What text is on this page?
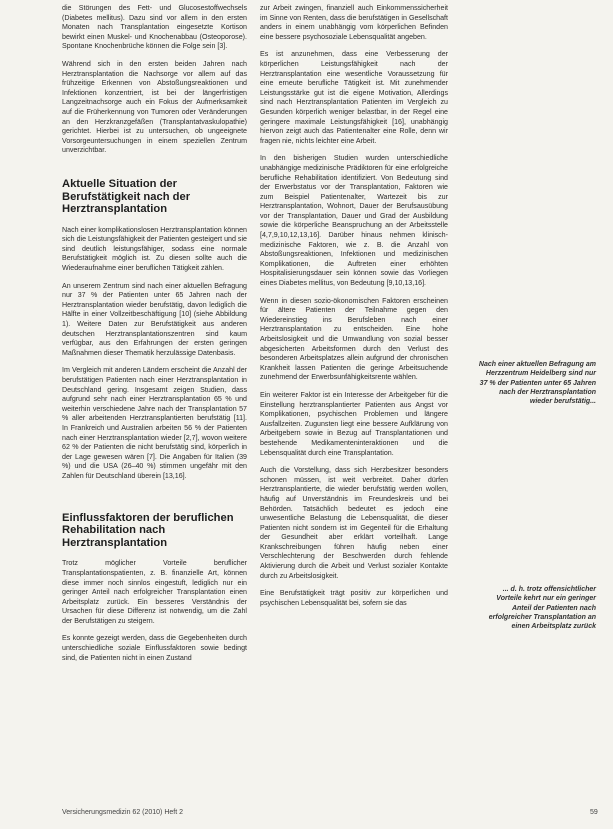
die Störungen des Fett- und Glucosestoffwechsels (Diabetes mellitus). Dazu sind vor allem in den ersten Monaten nach Transplantation eingesetzte Kortison bewirkt einen Muskel- und Knochenabbau (Osteoporose). Spontane Knochenbrüche können die Folge sein [3].

Während sich in den ersten beiden Jahren nach Herztransplantation die Nachsorge vor allem auf das frühzeitige Erkennen von Abstoßungsreaktionen und Infektionen konzentriert, ist bei der längerfristigen Langzeitnachsorge auch ein Fokus der Aufmerksamkeit auf die Früherkennung von Tumoren oder Veränderungen an den Herzkranzgefäßen (Transplantatvaskulopathie) gerichtet. Hierbei ist zu untersuchen, ob ungeeignete Vorsorgeuntersuchungen in einem speziellen Zentrum unverzichtbar.

Aktuelle Situation der Berufstätigkeit nach der Herztransplantation

Nach einer komplikationslosen Herztransplantation können sich die Leistungsfähigkeit der Patienten gesteigert und sie sind deutlich leistungsfähiger, sodass eine normale Berufstätigkeit möglich ist. Zu diesen sollte auch die Wiederaufnahme einer beruflichen Tätigkeit zählen.

An unserem Zentrum sind nach einer aktuellen Befragung nur 37 % der Patienten unter 65 Jahren nach der Herztransplantation wieder berufstätig, davon lediglich die Hälfte in einer Vollzeitbeschäftigung [10] (siehe Abbildung 1). Weitere Daten zur Berufstätigkeit aus anderen deutschen Herztransplantationszentren sind kaum verfügbar, aus den Erfahrungen der ersten geringen Maßnahmen dieser Thematik herzulässige Datenbasis.

Im Vergleich mit anderen Ländern erscheint die Anzahl der berufstätigen Patienten nach einer Herztransplantation in Deutschland gering. Insgesamt zeigen Studien, dass aufgrund sehr nach einer Herztransplantation 65 % und weiterhin verschiedene Jahre nach der Transplantation 57 % aller arbeitenden Herztransplantierten berufstätig [11]. In Frankreich und Australien arbeiten 56 % der Patienten nach einer Herztransplantation wieder [2,7], wovon weitere 62 % der Patienten die nicht berufstätig sind, körperlich in der Lage gewesen wären [7]. Die Angaben für Italien (39 %) und die USA (26–40 %) stimmen ungefähr mit den Zahlen für Deutschland überein [13,16].

Einflussfaktoren der beruflichen Rehabilitation nach Herztransplantation

Trotz möglicher Vorteile beruflicher Transplantationspatienten, z. B. finanzielle Art, können diese immer noch sinnlos eingestuft, lediglich nur ein geringer Anteil nach erfolgreicher Transplantation einen Arbeitsplatz zurück. Ein besseres Verständnis der Ursachen für diese Differenz ist notwendig, um die Zahl der Berufstätigen zu steigern.

Es konnte gezeigt werden, dass die Gegebenheiten durch unterschiedliche soziale Einflussfaktoren sowie bedingt sind, die Patienten nicht in einen Zustand

zur Arbeit zwingen, finanziell auch Einkommenssicherheit im Sinne von Renten, dass die berufstätigen in Gesellschaft anders in einem unabhängig vom körperlichen Befinden eine bessere psychosoziale Lebensqualität angeben.

Es ist anzunehmen, dass eine Verbesserung der körperlichen Leistungsfähigkeit nach der Herztransplantation eine wesentliche Voraussetzung für eine erneute berufliche Tätigkeit ist. Mit zunehmender Leistungsstärke gut ist die eigene Motivation, Allerdings sind nach Herztransplantation Patienten im Vergleich zu Gesunden körperlich weniger belastbar, in der Regel eine geringere maximale Leistungsfähigkeit [16], unabhängig hiervon zeigt auch das Patientenalter eine Rolle, denn wir fragen nie, nichts leichter eine Arbeit.

In den bisherigen Studien wurden unterschiedliche unabhängige medizinische Prädiktoren für eine erfolgreiche berufliche Rehabilitation identifiziert. Von Bedeutung sind der Erwerbstatus vor der Transplantation, Faktoren wie zum Beispiel Patientenalter, Wartezeit bis zur Herztransplantation, Wohnort, Dauer der Berufsausübung vor der Transplantation, Dauer und Grad der Ausbildung sowie die körperliche Beanspruchung an der Arbeitsstelle [4,7,9,10,12,13,16]. Darüber hinaus nehmen klinisch-medizinische Faktoren, wie z. B. die Anzahl von Abstoßungsreaktionen, Infektionen und medizinischen Komplikationen, die Auftreten einer erhöhten Hospitalisierungsdauer sein können sowie das Vorliegen eines Diabetes mellitus, von Bedeutung [9,10,13,16].

Wenn in diesen sozio-ökonomischen Faktoren erscheinen für ältere Patienten der Teilnahme gegen den Wiedereinstieg ins Berufsleben nach einer Herztransplantation zu entscheiden. Eine hohe Arbeitslosigkeit und die Umwandlung von sozial besser abgesicherten Arbeitsformen durch den Verlust des besonderen Arbeitsplatzes allein aufgrund der chronischen Krankheit lassen Patienten die geringe Arbeitsuchende zunehmend der Erwerbsunfähigkeitsrente wählen.

Ein weiterer Faktor ist ein Interesse der Arbeitgeber für die Einstellung herztransplantierter Patienten aus Angst vor Komplikationen, psychischen Problemen und längere Ausfallzeiten. Zugunsten liegt eine bessere Aufklärung von Arbeitgebern sowie in Bezug auf Transplantationen und bestehende Medikamenteninteraktionen und die Lebensqualität durch eine Transplantation.

Auch die Vorstellung, dass sich Herzbesitzer besonders schonen müssen, ist weit verbreitet. Daher dürfen Herztransplantierte, die wieder berufstätig werden wollen, häufig auf Unverständnis im Freundeskreis und bei Behörden. Tatsächlich bedeutet es jedoch eine unwesentliche Belastung die Lebensqualität, die dieser Patienten nicht sondern ist im Gegenteil für die Erhaltung der Gesundheit aber erklärt vorteilhaft. Lange Krankschreibungen führen häufig neben einer Verschlechterung der Beschwerden durch fehlende Aktivierung durch die Arbeit und Verlust sozialer Kontakte durch zu Arbeitslosigkeit.

Eine Berufstätigkeit trägt positiv zur körperlichen und psychischen Lebensqualität bei, sofern sie das

Nach einer aktuellen Befragung am Herzzentrum Heidelberg sind nur 37 % der Patienten unter 65 Jahren nach der Herztransplantation wieder berufstätig...
... d. h. trotz offensichtlicher Vorteile kehrt nur ein geringer Anteil der Patienten nach erfolgreicher Transplantation an einen Arbeitsplatz zurück
Versicherungsmedizin 62 (2010) Heft 2	59
